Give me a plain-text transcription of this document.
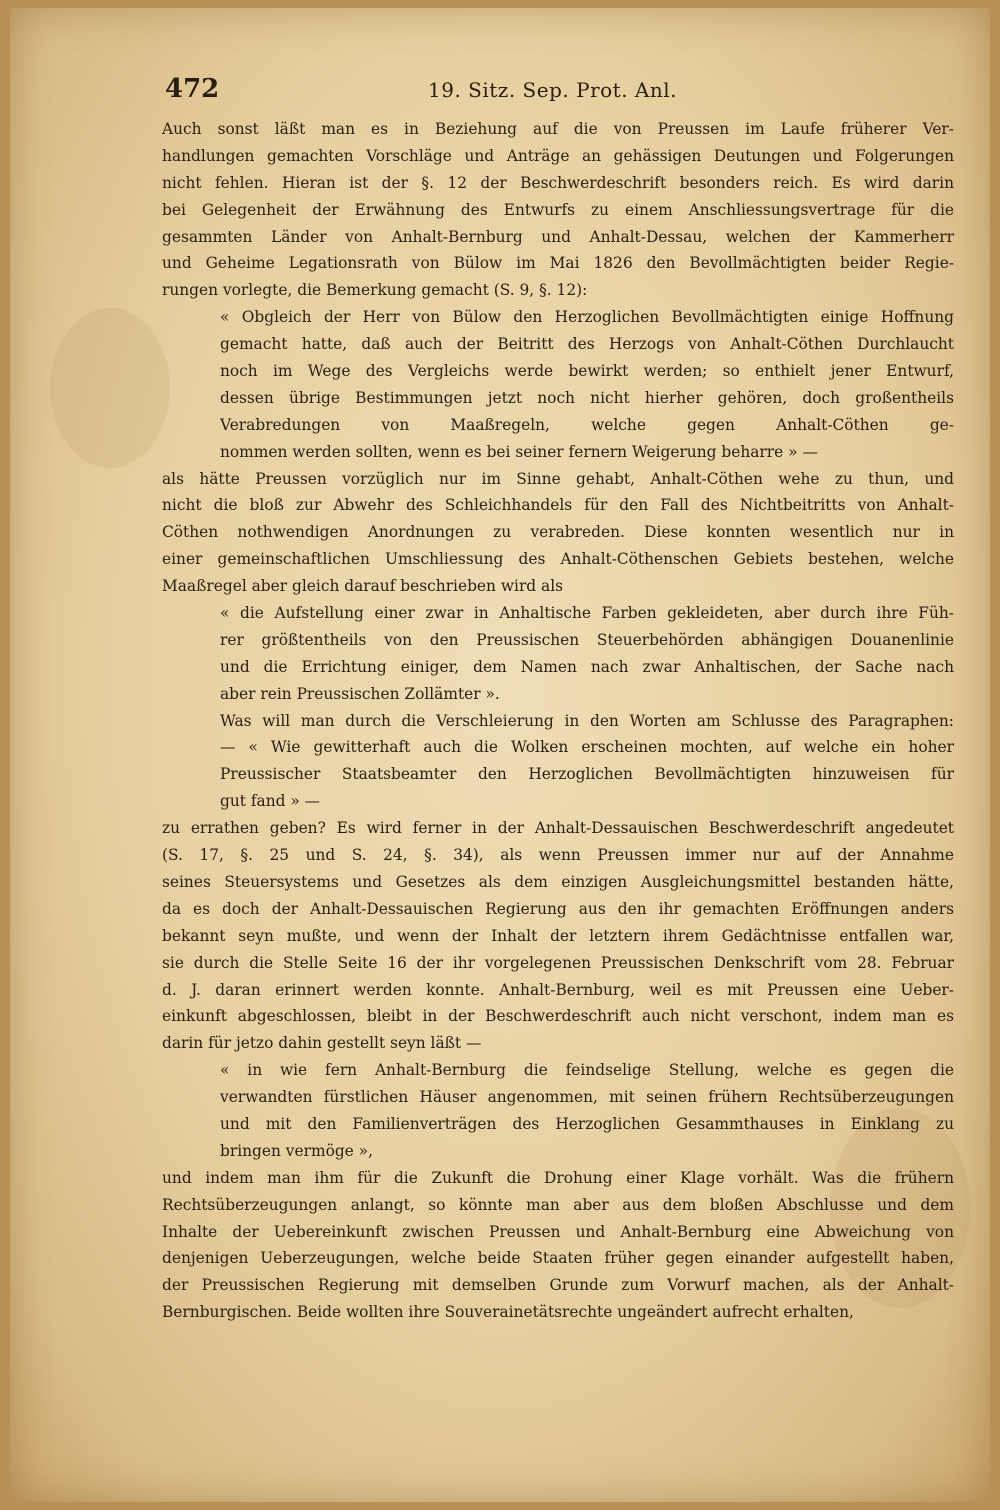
472	19. Sitz. Sep. Prot. Anl.
Auch sonst läßt man es in Beziehung auf die von Preussen im Laufe früherer Ver-
handlungen gemachten Vorschläge und Anträge an gehässigen Deutungen und Folgerungen
nicht fehlen. Hieran ist der §. 12 der Beschwerdeschrift besonders reich. Es wird darin
bei Gelegenheit der Erwähnung des Entwurfs zu einem Anschliessungsvertrage für die
gesammten Länder von Anhalt-Bernburg und Anhalt-Dessau, welchen der Kammerherr
und Geheime Legationsrath von Bülow im Mai 1826 den Bevollmächtigten beider Regie-
rungen vorlegte, die Bemerkung gemacht (S. 9, §. 12):
« Obgleich der Herr von Bülow den Herzoglichen Bevollmächtigten einige Hoffnung
gemacht hatte, daß auch der Beitritt des Herzogs von Anhalt-Cöthen Durchlaucht
noch im Wege des Vergleichs werde bewirkt werden; so enthielt jener Entwurf,
dessen übrige Bestimmungen jetzt noch nicht hierher gehören, doch großentheils
Verabredungen von Maaßregeln, welche gegen Anhalt-Cöthen ge-
nommen werden sollten, wenn es bei seiner fernern Weigerung beharre » —
als hätte Preussen vorzüglich nur im Sinne gehabt, Anhalt-Cöthen wehe zu thun, und
nicht die bloß zur Abwehr des Schleichhandels für den Fall des Nichtbeitritts von Anhalt-
Cöthen nothwendigen Anordnungen zu verabreden. Diese konnten wesentlich nur in
einer gemeinschaftlichen Umschliessung des Anhalt-Cöthenschen Gebiets bestehen, welche
Maaßregel aber gleich darauf beschrieben wird als
« die Aufstellung einer zwar in Anhaltische Farben gekleideten, aber durch ihre Füh-
rer größtentheils von den Preussischen Steuerbehörden abhängigen Douanenlinie
und die Errichtung einiger, dem Namen nach zwar Anhaltischen, der Sache nach
aber rein Preussischen Zollämter ».
Was will man durch die Verschleierung in den Worten am Schlusse des Paragraphen:
— « Wie gewitterhaft auch die Wolken erscheinen mochten, auf welche ein hoher
Preussischer Staatsbeamter den Herzoglichen Bevollmächtigten hinzuweisen für
gut fand » —
zu errathen geben? Es wird ferner in der Anhalt-Dessauischen Beschwerdeschrift angedeutet
(S. 17, §. 25 und S. 24, §. 34), als wenn Preussen immer nur auf der Annahme
seines Steuersystems und Gesetzes als dem einzigen Ausgleichungsmittel bestanden hätte,
da es doch der Anhalt-Dessauischen Regierung aus den ihr gemachten Eröffnungen anders
bekannt seyn mußte, und wenn der Inhalt der letztern ihrem Gedächtnisse entfallen war,
sie durch die Stelle Seite 16 der ihr vorgelegenen Preussischen Denkschrift vom 28. Februar
d. J. daran erinnert werden konnte. Anhalt-Bernburg, weil es mit Preussen eine Ueber-
einkunft abgeschlossen, bleibt in der Beschwerdeschrift auch nicht verschont, indem man es
darin für jetzo dahin gestellt seyn läßt —
« in wie fern Anhalt-Bernburg die feindselige Stellung, welche es gegen die
verwandten fürstlichen Häuser angenommen, mit seinen frühern Rechtsüberzeugungen
und mit den Familienverträgen des Herzoglichen Gesammthauses in Einklang zu
bringen vermöge »,
und indem man ihm für die Zukunft die Drohung einer Klage vorhält. Was die frühern
Rechtsüberzeugungen anlangt, so könnte man aber aus dem bloßen Abschlusse und dem
Inhalte der Uebereinkunft zwischen Preussen und Anhalt-Bernburg eine Abweichung von
denjenigen Ueberzeugungen, welche beide Staaten früher gegen einander aufgestellt haben,
der Preussischen Regierung mit demselben Grunde zum Vorwurf machen, als der Anhalt-
Bernburgischen. Beide wollten ihre Souverainetätsrechte ungeändert aufrecht erhalten,
